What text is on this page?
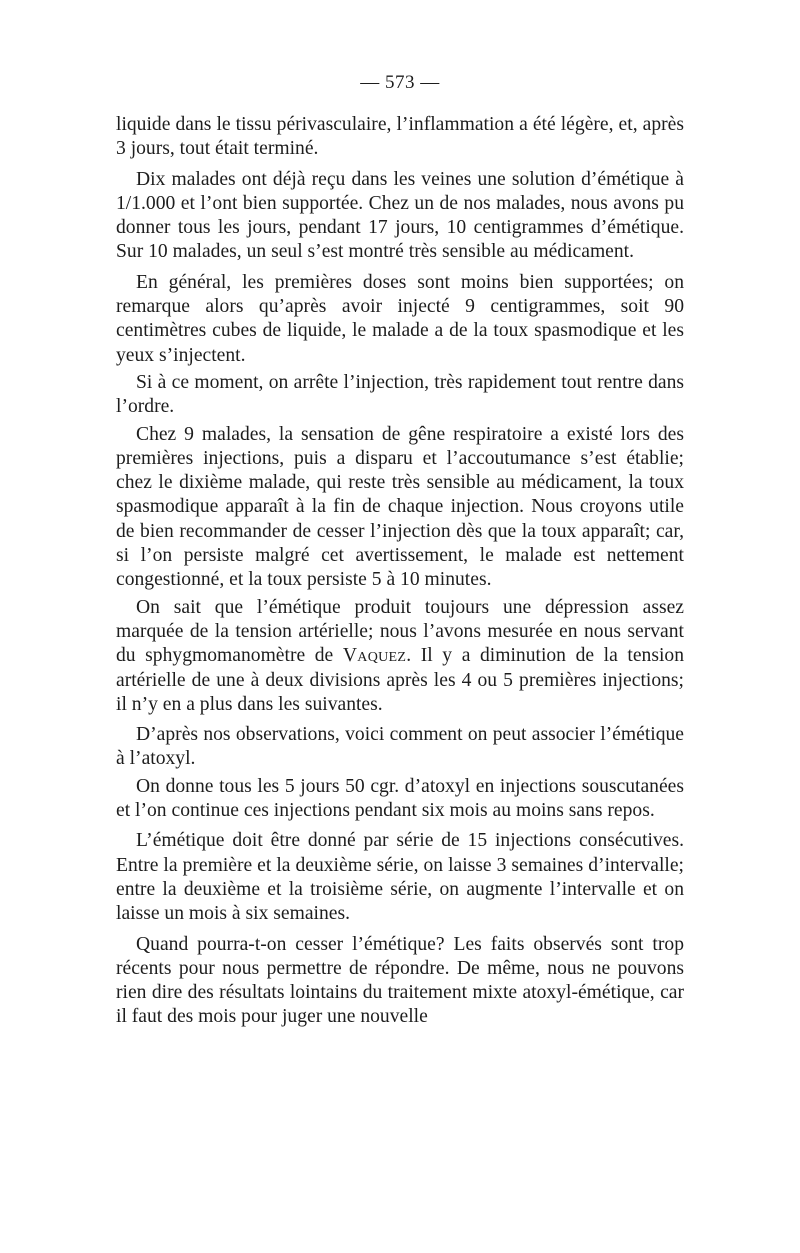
— 573 —

liquide dans le tissu périvasculaire, l’inflammation a été légère, et, après 3 jours, tout était terminé.

Dix malades ont déjà reçu dans les veines une solution d’émétique à 1/1.000 et l’ont bien supportée. Chez un de nos malades, nous avons pu donner tous les jours, pendant 17 jours, 10 centigrammes d’émétique. Sur 10 malades, un seul s’est montré très sensible au médicament.

En général, les premières doses sont moins bien supportées; on remarque alors qu’après avoir injecté 9 centigrammes, soit 90 centimètres cubes de liquide, le malade a de la toux spasmodique et les yeux s’injectent.

Si à ce moment, on arrête l’injection, très rapidement tout rentre dans l’ordre.

Chez 9 malades, la sensation de gêne respiratoire a existé lors des premières injections, puis a disparu et l’accoutumance s’est établie; chez le dixième malade, qui reste très sensible au médicament, la toux spasmodique apparaît à la fin de chaque injection. Nous croyons utile de bien recommander de cesser l’injection dès que la toux apparaît; car, si l’on persiste malgré cet avertissement, le malade est nettement congestionné, et la toux persiste 5 à 10 minutes.

On sait que l’émétique produit toujours une dépression assez marquée de la tension artérielle; nous l’avons mesurée en nous servant du sphygmomanomètre de Vaquez. Il y a diminution de la tension artérielle de une à deux divisions après les 4 ou 5 premières injections; il n’y en a plus dans les suivantes.

D’après nos observations, voici comment on peut associer l’émétique à l’atoxyl.

On donne tous les 5 jours 50 cgr. d’atoxyl en injections souscutanées et l’on continue ces injections pendant six mois au moins sans repos.

L’émétique doit être donné par série de 15 injections consécutives. Entre la première et la deuxième série, on laisse 3 semaines d’intervalle; entre la deuxième et la troisième série, on augmente l’intervalle et on laisse un mois à six semaines.

Quand pourra-t-on cesser l’émétique? Les faits observés sont trop récents pour nous permettre de répondre. De même, nous ne pouvons rien dire des résultats lointains du traitement mixte atoxyl-émétique, car il faut des mois pour juger une nouvelle
